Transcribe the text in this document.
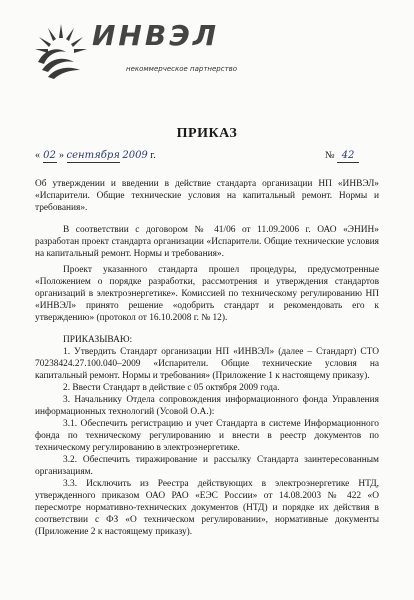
ИНВЭЛ
некоммерческое партнерство
ПРИКАЗ
« 02 » сентября 2009 г.	№ 42

Об утверждении и введении в действие стандарта организации НП «ИНВЭЛ» «Испарители. Общие технические условия на капитальный ремонт. Нормы и требования».

В соответствии с договором № 41/06 от 11.09.2006 г. ОАО «ЭНИН» разработан проект стандарта организации «Испарители. Общие технические условия на капитальный ремонт. Нормы и требования».

Проект указанного стандарта прошел процедуры, предусмотренные «Положением о порядке разработки, рассмотрения и утверждения стандартов организаций в электроэнергетике». Комиссией по техническому регулированию НП «ИНВЭЛ» принято решение «одобрить стандарт и рекомендовать его к утверждению» (протокол от 16.10.2008 г. № 12).

ПРИКАЗЫВАЮ:

1. Утвердить Стандарт организации НП «ИНВЭЛ» (далее – Стандарт) СТО 70238424.27.100.040–2009 «Испарители. Общие технические условия на капитальный ремонт. Нормы и требования» (Приложение 1 к настоящему приказу).

2. Ввести Стандарт в действие с 05 октября 2009 года.

3. Начальнику Отдела сопровождения информационного фонда Управления информационных технологий (Усовой О.А.):

3.1. Обеспечить регистрацию и учет Стандарта в системе Информационного фонда по техническому регулированию и внести в реестр документов по техническому регулированию в электроэнергетике.

3.2. Обеспечить тиражирование и рассылку Стандарта заинтересованным организациям.

3.3. Исключить из Реестра действующих в электроэнергетике НТД, утвержденного приказом ОАО РАО «ЕЭС России» от 14.08.2003 № 422 «О пересмотре нормативно-технических документов (НТД) и порядке их действия в соответствии с ФЗ «О техническом регулировании», нормативные документы (Приложение 2 к настоящему приказу).
